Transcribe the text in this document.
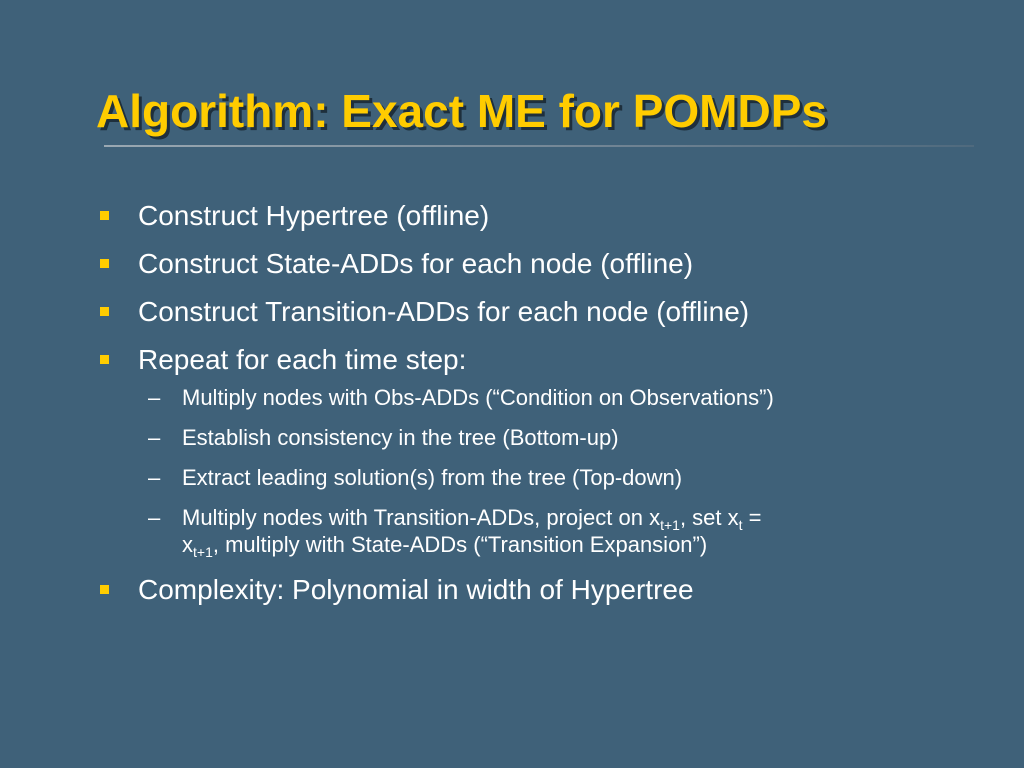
Algorithm: Exact ME for POMDPs
Construct Hypertree (offline)
Construct State-ADDs for each node (offline)
Construct Transition-ADDs for each node (offline)
Repeat for each time step:
– Multiply nodes with Obs-ADDs (“Condition on Observations”)
– Establish consistency in the tree (Bottom-up)
– Extract leading solution(s) from the tree (Top-down)
– Multiply nodes with Transition-ADDs, project on $x_{t+1}$, set $x_t$ =
$x_{t+1}$, multiply with State-ADDs (“Transition Expansion”)
Complexity: Polynomial in width of Hypertree
